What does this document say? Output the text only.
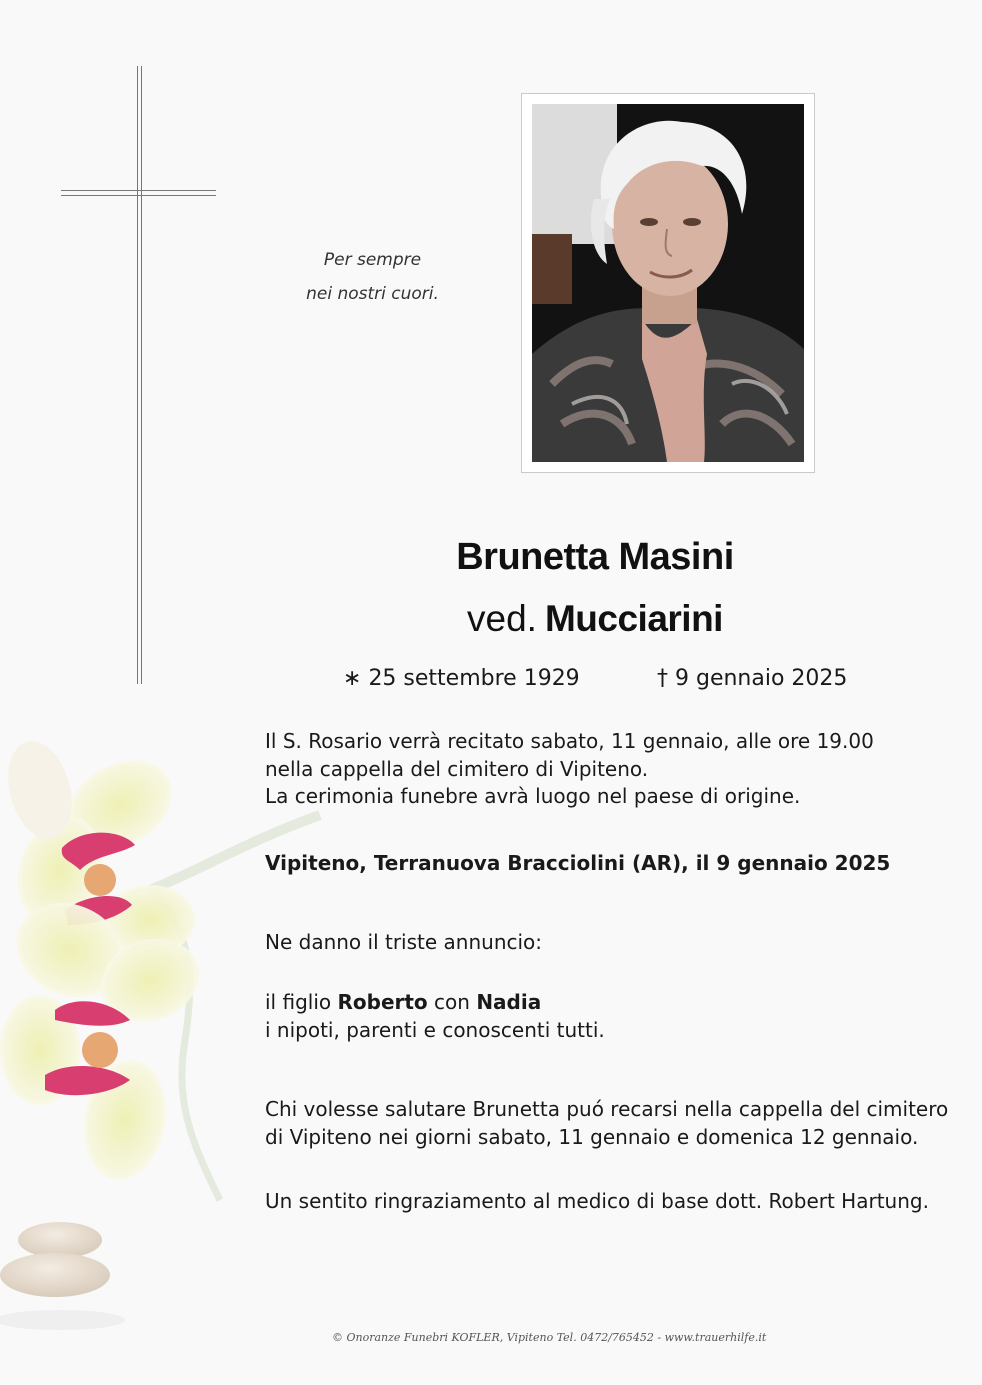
Per sempre
nei nostri cuori.
Brunetta Masini
ved. Mucciarini
∗ 25 settembre 1929	† 9 gennaio 2025
Il S. Rosario verrà recitato sabato, 11 gennaio, alle ore 19.00
nella cappella del cimitero di Vipiteno.
La cerimonia funebre avrà luogo nel paese di origine.
Vipiteno, Terranuova Bracciolini (AR), il 9 gennaio 2025
Ne danno il triste annuncio:
il figlio Roberto con Nadia
i nipoti, parenti e conoscenti tutti.
Chi volesse salutare Brunetta puó recarsi nella cappella del cimitero
di Vipiteno nei giorni sabato, 11 gennaio e domenica 12 gennaio.
Un sentito ringraziamento al medico di base dott. Robert Hartung.
© Onoranze Funebri KOFLER, Vipiteno Tel. 0472/765452 - www.trauerhilfe.it
